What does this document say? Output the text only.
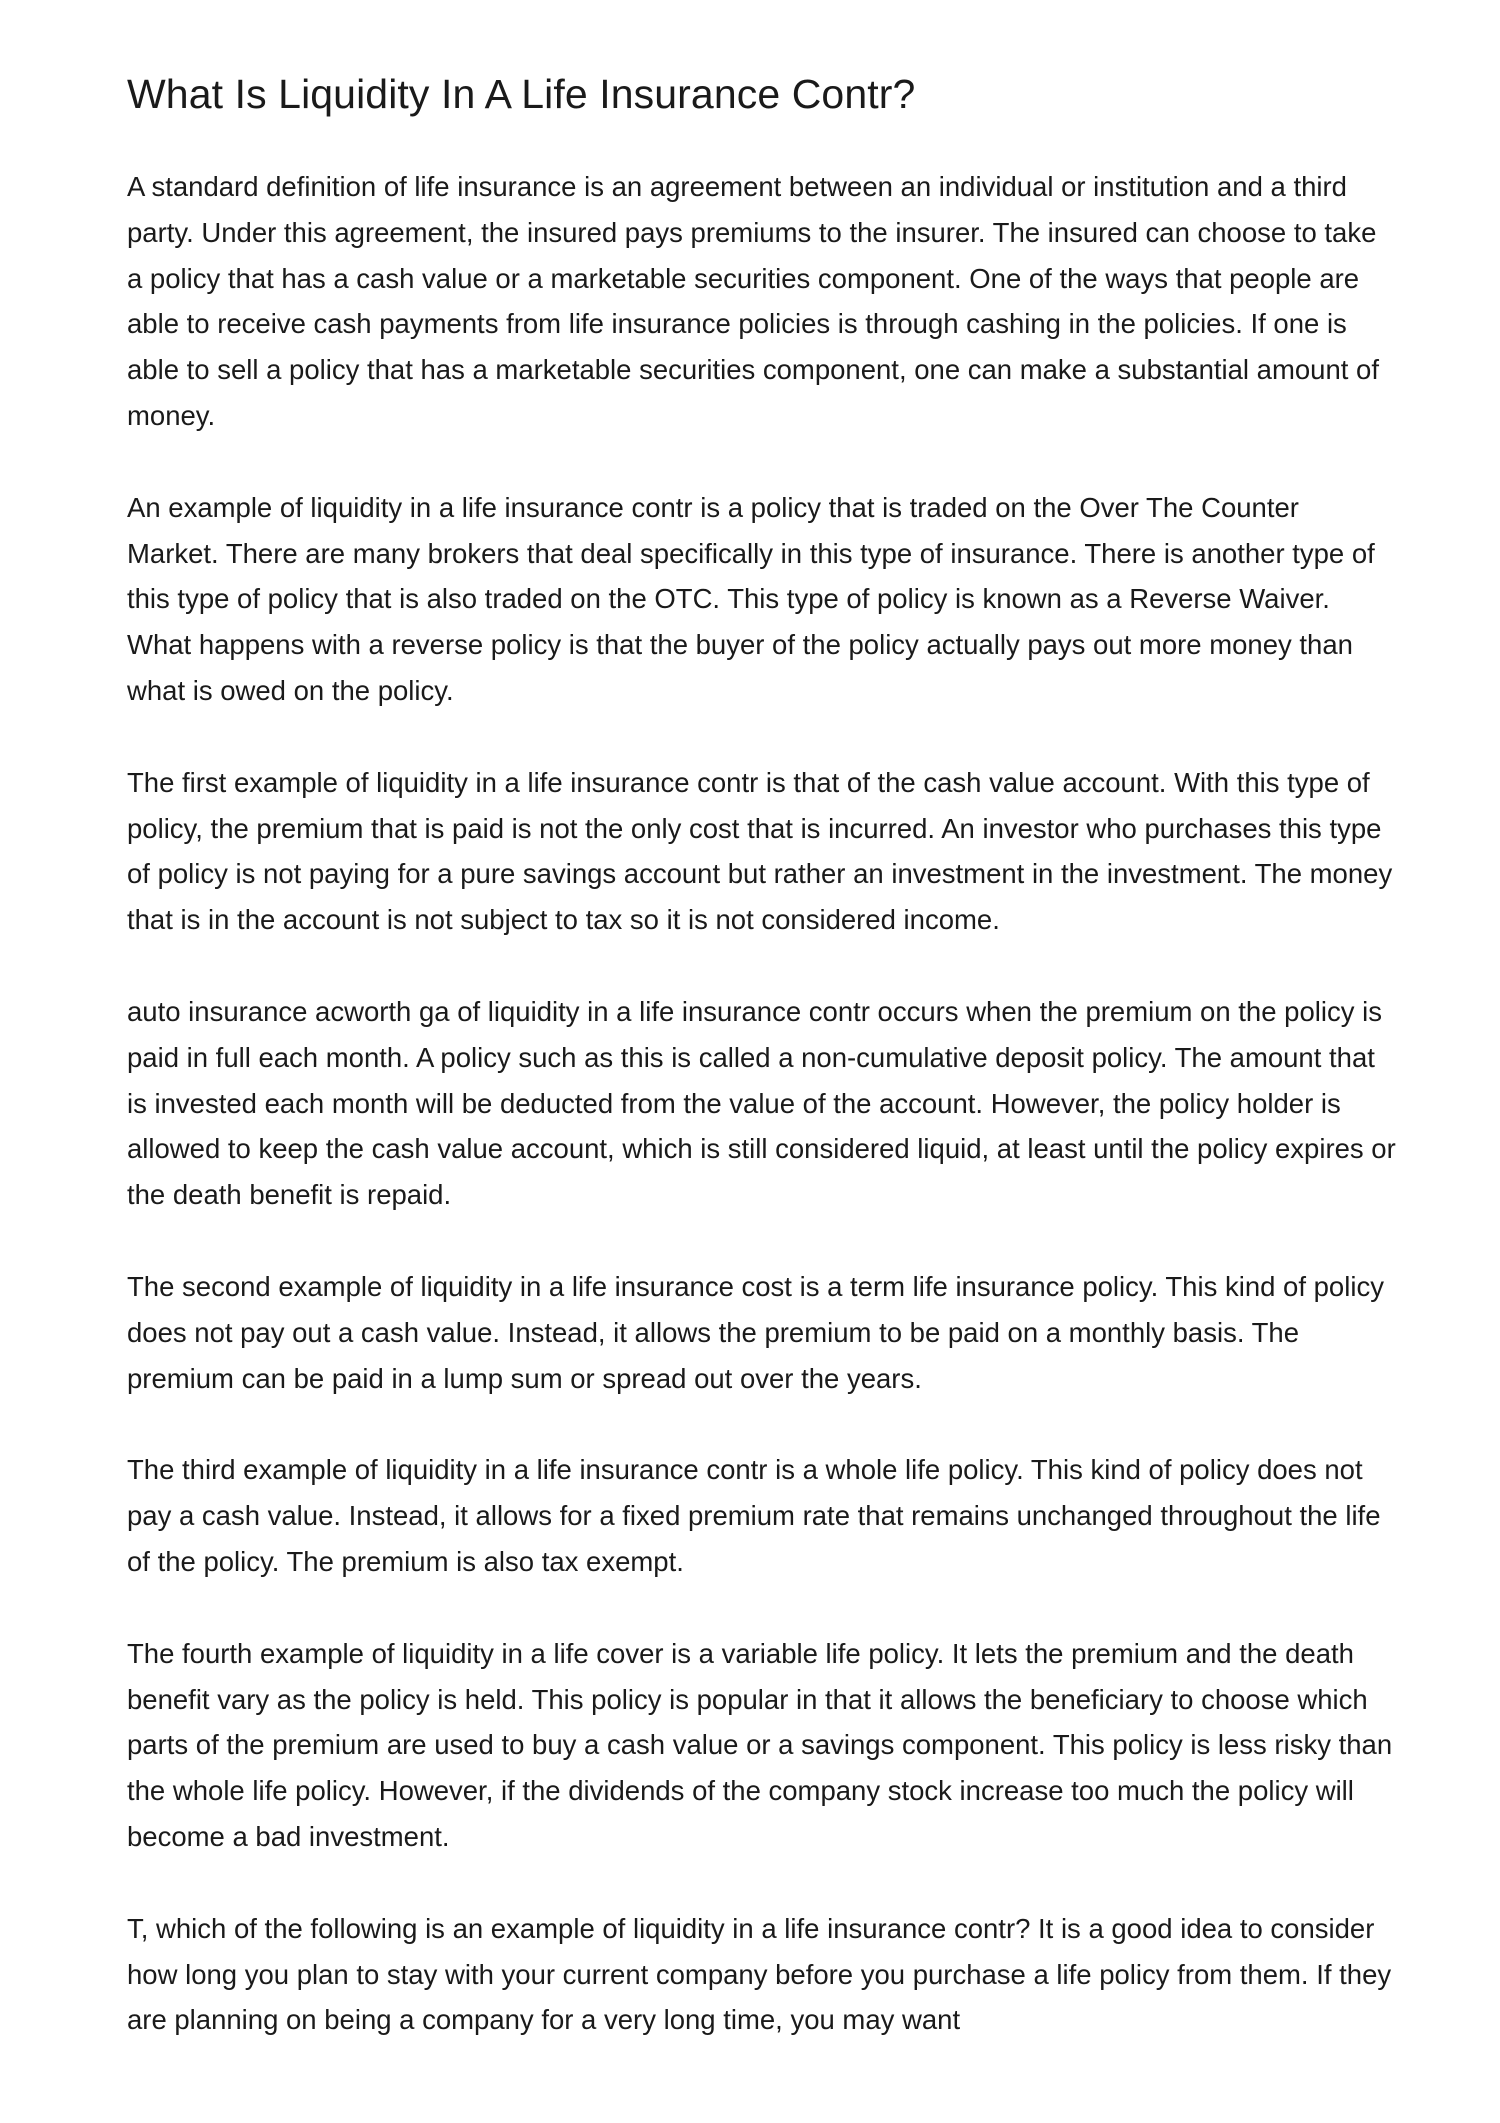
What Is Liquidity In A Life Insurance Contr?

A standard definition of life insurance is an agreement between an individual or institution and a third party. Under this agreement, the insured pays premiums to the insurer. The insured can choose to take a policy that has a cash value or a marketable securities component. One of the ways that people are able to receive cash payments from life insurance policies is through cashing in the policies. If one is able to sell a policy that has a marketable securities component, one can make a substantial amount of money.

An example of liquidity in a life insurance contr is a policy that is traded on the Over The Counter Market. There are many brokers that deal specifically in this type of insurance. There is another type of this type of policy that is also traded on the OTC. This type of policy is known as a Reverse Waiver. What happens with a reverse policy is that the buyer of the policy actually pays out more money than what is owed on the policy.

The first example of liquidity in a life insurance contr is that of the cash value account. With this type of policy, the premium that is paid is not the only cost that is incurred. An investor who purchases this type of policy is not paying for a pure savings account but rather an investment in the investment. The money that is in the account is not subject to tax so it is not considered income.

auto insurance acworth ga of liquidity in a life insurance contr occurs when the premium on the policy is paid in full each month. A policy such as this is called a non-cumulative deposit policy. The amount that is invested each month will be deducted from the value of the account. However, the policy holder is allowed to keep the cash value account, which is still considered liquid, at least until the policy expires or the death benefit is repaid.

The second example of liquidity in a life insurance cost is a term life insurance policy. This kind of policy does not pay out a cash value. Instead, it allows the premium to be paid on a monthly basis. The premium can be paid in a lump sum or spread out over the years.

The third example of liquidity in a life insurance contr is a whole life policy. This kind of policy does not pay a cash value. Instead, it allows for a fixed premium rate that remains unchanged throughout the life of the policy. The premium is also tax exempt.

The fourth example of liquidity in a life cover is a variable life policy. It lets the premium and the death benefit vary as the policy is held. This policy is popular in that it allows the beneficiary to choose which parts of the premium are used to buy a cash value or a savings component. This policy is less risky than the whole life policy. However, if the dividends of the company stock increase too much the policy will become a bad investment.

T, which of the following is an example of liquidity in a life insurance contr? It is a good idea to consider how long you plan to stay with your current company before you purchase a life policy from them. If they are planning on being a company for a very long time, you may want
